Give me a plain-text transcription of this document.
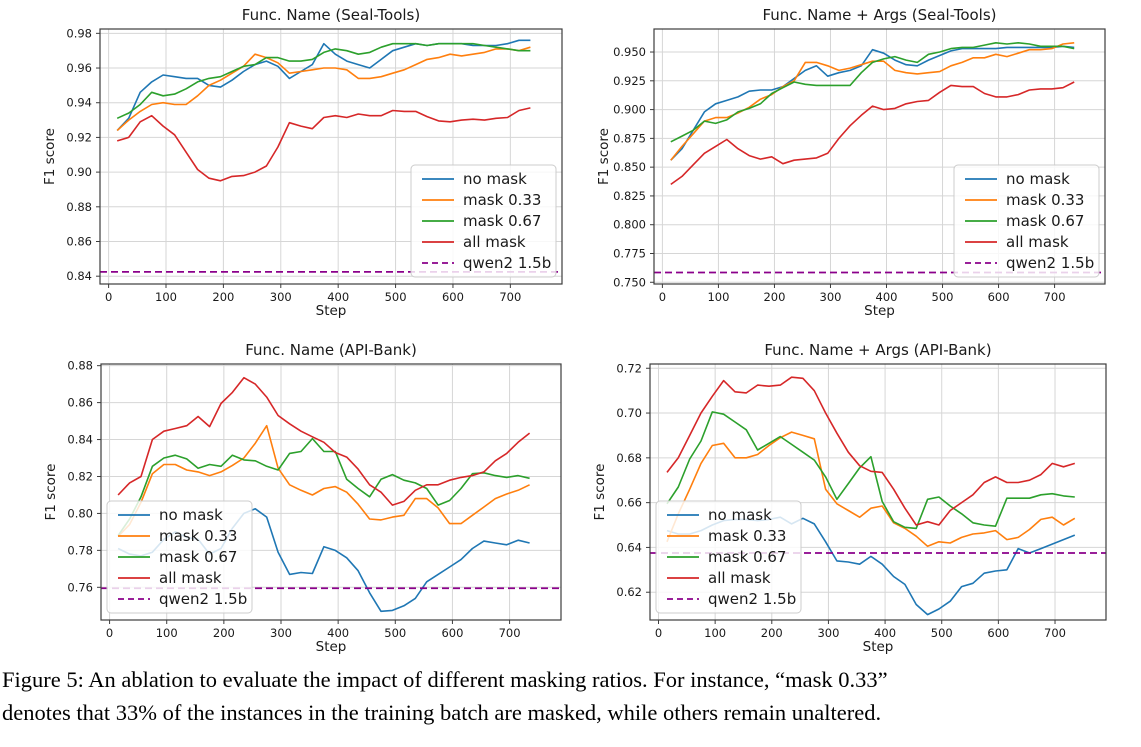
0	100	200	300	400	500	600	700
0.84
0.86
0.88
0.90
0.92
0.94
0.96
0.98
Func. Name (Seal-Tools)
Step
F1 score	no mask
mask 0.33
mask 0.67
all mask
qwen2 1.5b
0	100	200	300	400	500	600	700
0.750
0.775
0.800
0.825
0.850
0.875
0.900
0.925
0.950
Func. Name + Args (Seal-Tools)
Step
F1 score	no mask
mask 0.33
mask 0.67
all mask
qwen2 1.5b
0	100	200	300	400	500	600	700
0.76
0.78
0.80
0.82
0.84
0.86
0.88
Func. Name (API-Bank)
Step
F1 score	no mask
mask 0.33
mask 0.67
all mask
qwen2 1.5b
0	100	200	300	400	500	600	700
0.62
0.64
0.66
0.68
0.70
0.72
Func. Name + Args (API-Bank)
Step
F1 score	no mask
mask 0.33
mask 0.67
all mask
qwen2 1.5b
Figure 5: An ablation to evaluate the impact of different masking ratios. For instance, “mask 0.33”
denotes that 33% of the instances in the training batch are masked, while others remain unaltered.
